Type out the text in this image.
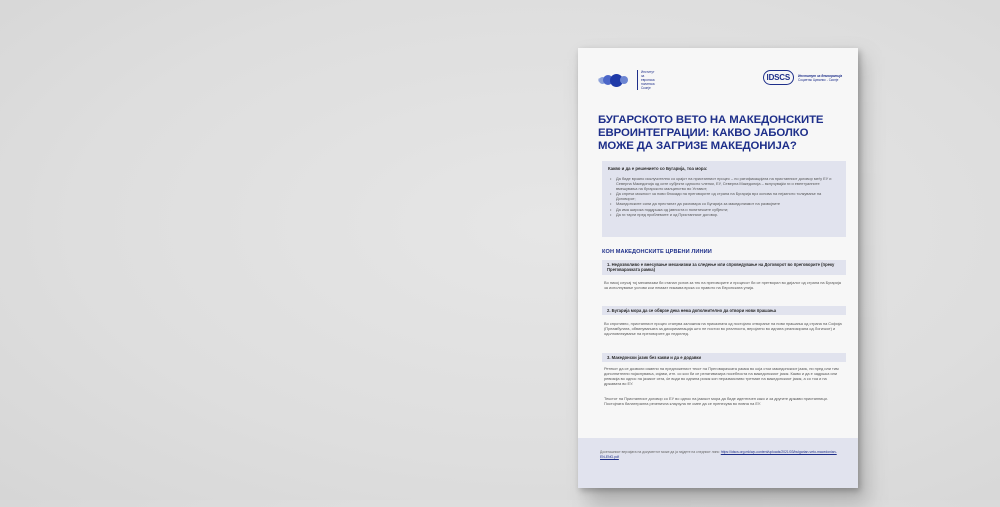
Институт
за
европска
политика
Скопје
IDSCS	Институт за демократија
Социетас Цивилис - Скопје
БУГАРСКОТО ВЕТО НА МАКЕДОНСКИТЕ ЕВРОИНТЕГРАЦИИ: КАКВО ЈАБОЛКО МОЖЕ ДА ЗАГРИЗЕ МАКЕДОНИЈА?
Какво и да е решението со Бугарија, тоа мора:
• Да биде врзано исклучително со крајот на пристапниот процес – по ратификацијата на пристапниот договор меѓу ЕУ и Северна Македонија од сите субјекти односно членки, ЕУ, Северна Македонија – вклучувајќи ги и евентуалните вмешувања на бугарското малцинство во Уставот;
• Да спречи можност за нови блокади на преговорите од страна на Бугарија врз основа на нејзиното толкување на Договорот;
• Македонските сили да престанат да разговара со Бугарија за македонизмот на развојните
• Да има широка поддршка од јавноста и политичките субјекти;
• Да ги тарги пред проблемите и од Пристапниот договор.
КОН МАКЕДОНСКИТЕ ЦРВЕНИ ЛИНИИ
1. Недозволиво е внесување механизми за следење или спроведување на Договорот во преговорите (преку Преговарачката рамка)

Во никој случај тој механизам би станал услов за тек на преговорите и процесот би се претворил во дијалог од страна на Бугарија за исполнување услови кои немаат никаква врска со правото на Европската унија.

2. Бугарија мора да се обврзе дека нема дополнително да отвори нови прашања

Во спротивно, пристапниот процес станува заложник на приказната од постојано отворање на нови прашања од страна на Софија (Преамбулата, обвинувањата за дискриминација што не постои во реалноста, веројатно во идната реализирана од Логичкот) и одолговлекување на преговорите до недоглед.

3. Македонски јазик без какви и да е додавки

Ретекот да се дозволи измени на предложениот текст на Преговарачката рамка во која стои македонскиот јазик, ни пред или тим дополнителни појаснувања, изјави, итн. со кои би се релативизира посебноста на македонскиот јазик. Какво и да е задршка или ревизија во однос на јазикот сега, ќе води во иднина ризик кон неразмисливо третман на македонскиот јазик, а со тоа и на државата во ЕУ.

Текстот на Пристапниот договор со ЕУ во однос на јазикот мора да биде идентичен како и за другите држави пристапници. Постојната билатерална реченична клаузула не смее да се пренесува во нивна на ЕУ.

Досегашниот верзијата на документот може да ја најдете на следниот линк: https://idscs.org.mk/wp-content/uploads/2021/03/bulgarian-veto-macedonian-EN-ENG.pdf
